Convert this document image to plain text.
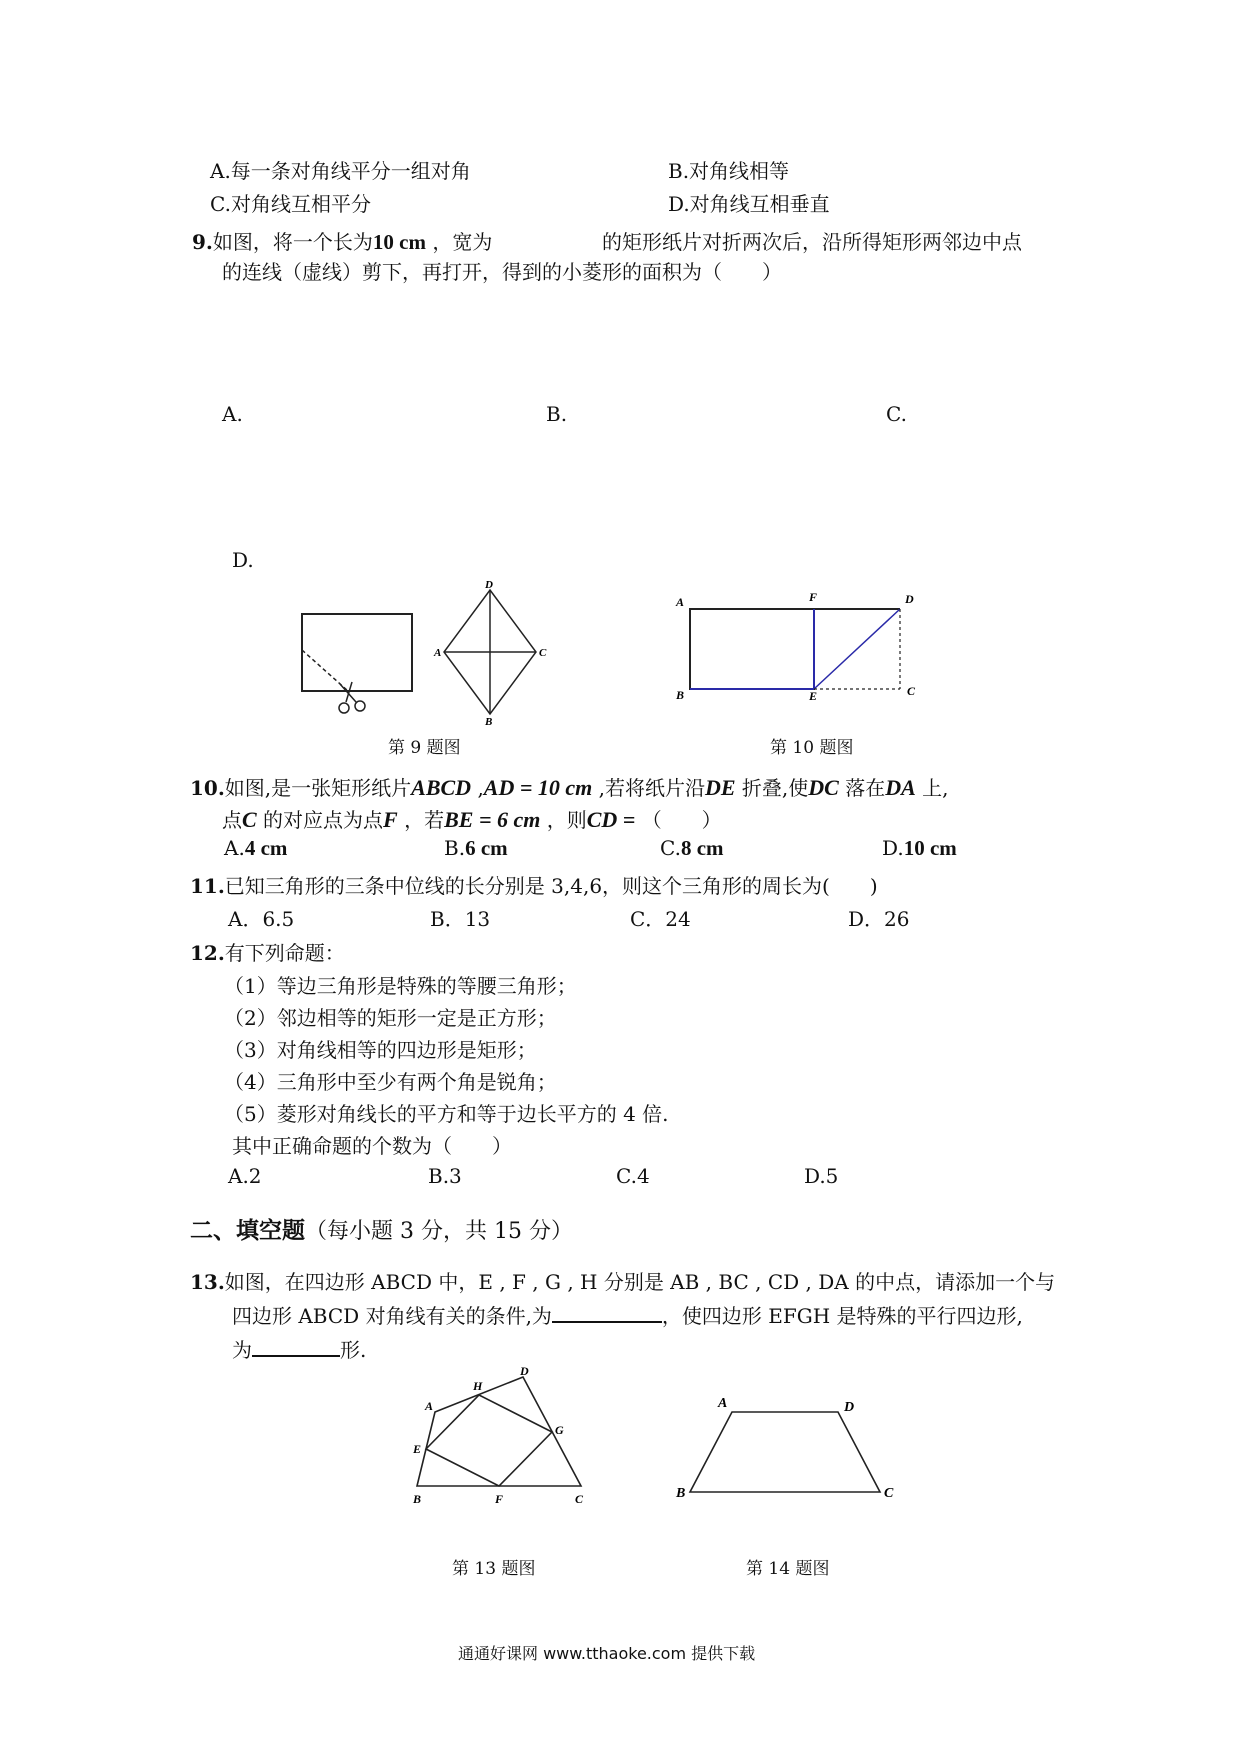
A.每一条对角线平分一组对角	B.对角线相等
C.对角线互相平分	D.对角线互相垂直
9.如图，将一个长为10 cm ，宽为	的矩形纸片对折两次后，沿所得矩形两邻边中点
的连线（虚线）剪下，再打开，得到的小菱形的面积为（　　）
A.	B.	C.
D.
D
A	C
B
A	F	D
B	E	C
第 9 题图	第 10 题图
10.如图,是一张矩形纸片ABCD ,AD = 10 cm ,若将纸片沿DE 折叠,使DC 落在DA 上,
点C 的对应点为点F ，若BE = 6 cm ，则CD = （　　）
A.4 cm	B.6 cm	C.8 cm	D.10 cm
11.已知三角形的三条中位线的长分别是 3,4,6，则这个三角形的周长为(　　)
A．6.5	B．13	C．24	D．26
12.有下列命题：
（1）等边三角形是特殊的等腰三角形；
（2）邻边相等的矩形一定是正方形；
（3）对角线相等的四边形是矩形；
（4）三角形中至少有两个角是锐角；
（5）菱形对角线长的平方和等于边长平方的 4 倍.
其中正确命题的个数为（　　）
A.2	B.3	C.4	D.5
二、填空题（每小题 3 分，共 15 分）
13.如图，在四边形 ABCD 中，E , F , G , H 分别是 AB , BC , CD , DA 的中点，请添加一个与
四边形 ABCD 对角线有关的条件,为	，使四边形 EFGH 是特殊的平行四边形,
为	形.
A
H
D
G
E
B	F	C
A	D
B	C
第 13 题图	第 14 题图
通通好课网 www.tthaoke.com 提供下载
